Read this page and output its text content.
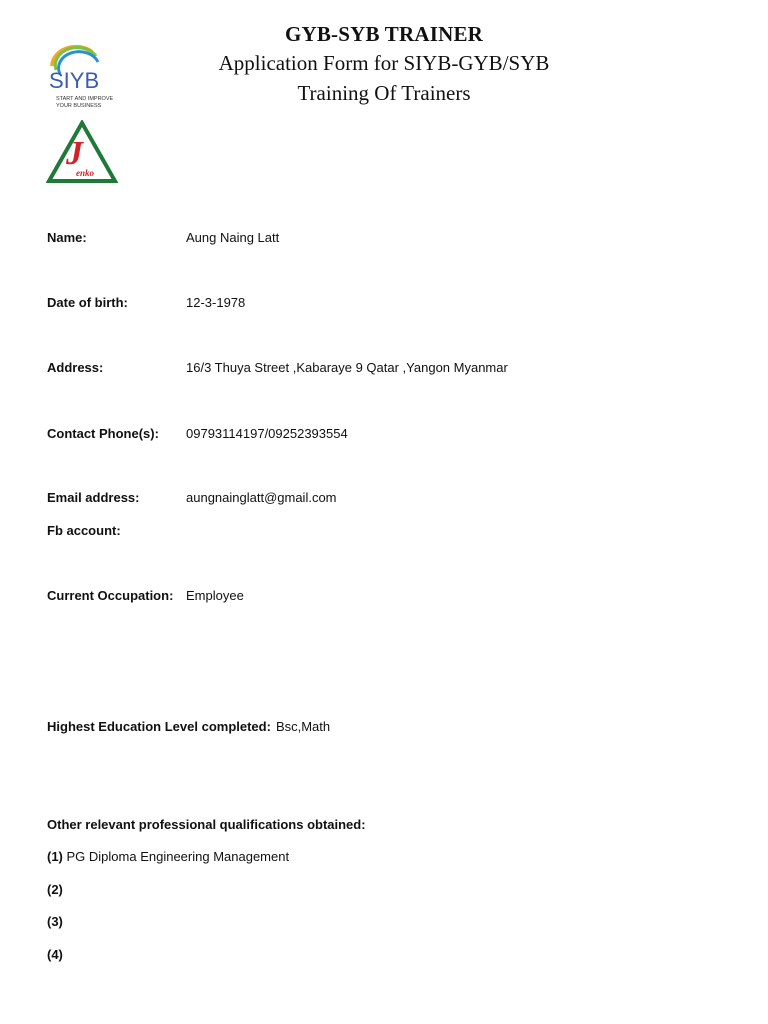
GYB-SYB TRAINER
Application Form for SIYB-GYB/SYB
Training Of Trainers
SIYB
START AND IMPROVE
YOUR BUSINESS
J
enko
Name:	Aung Naing Latt
Date of birth:	12-3-1978
Address:	16/3 Thuya Street ,Kabaraye 9 Qatar ,Yangon Myanmar
Contact Phone(s): 09793114197/09252393554
Email address:	aungnainglatt@gmail.com
Fb account:
Current Occupation: Employee
Highest Education Level completed: Bsc,Math
Other relevant professional qualifications obtained:
(1) PG Diploma Engineering Management
(2)
(3)
(4)
